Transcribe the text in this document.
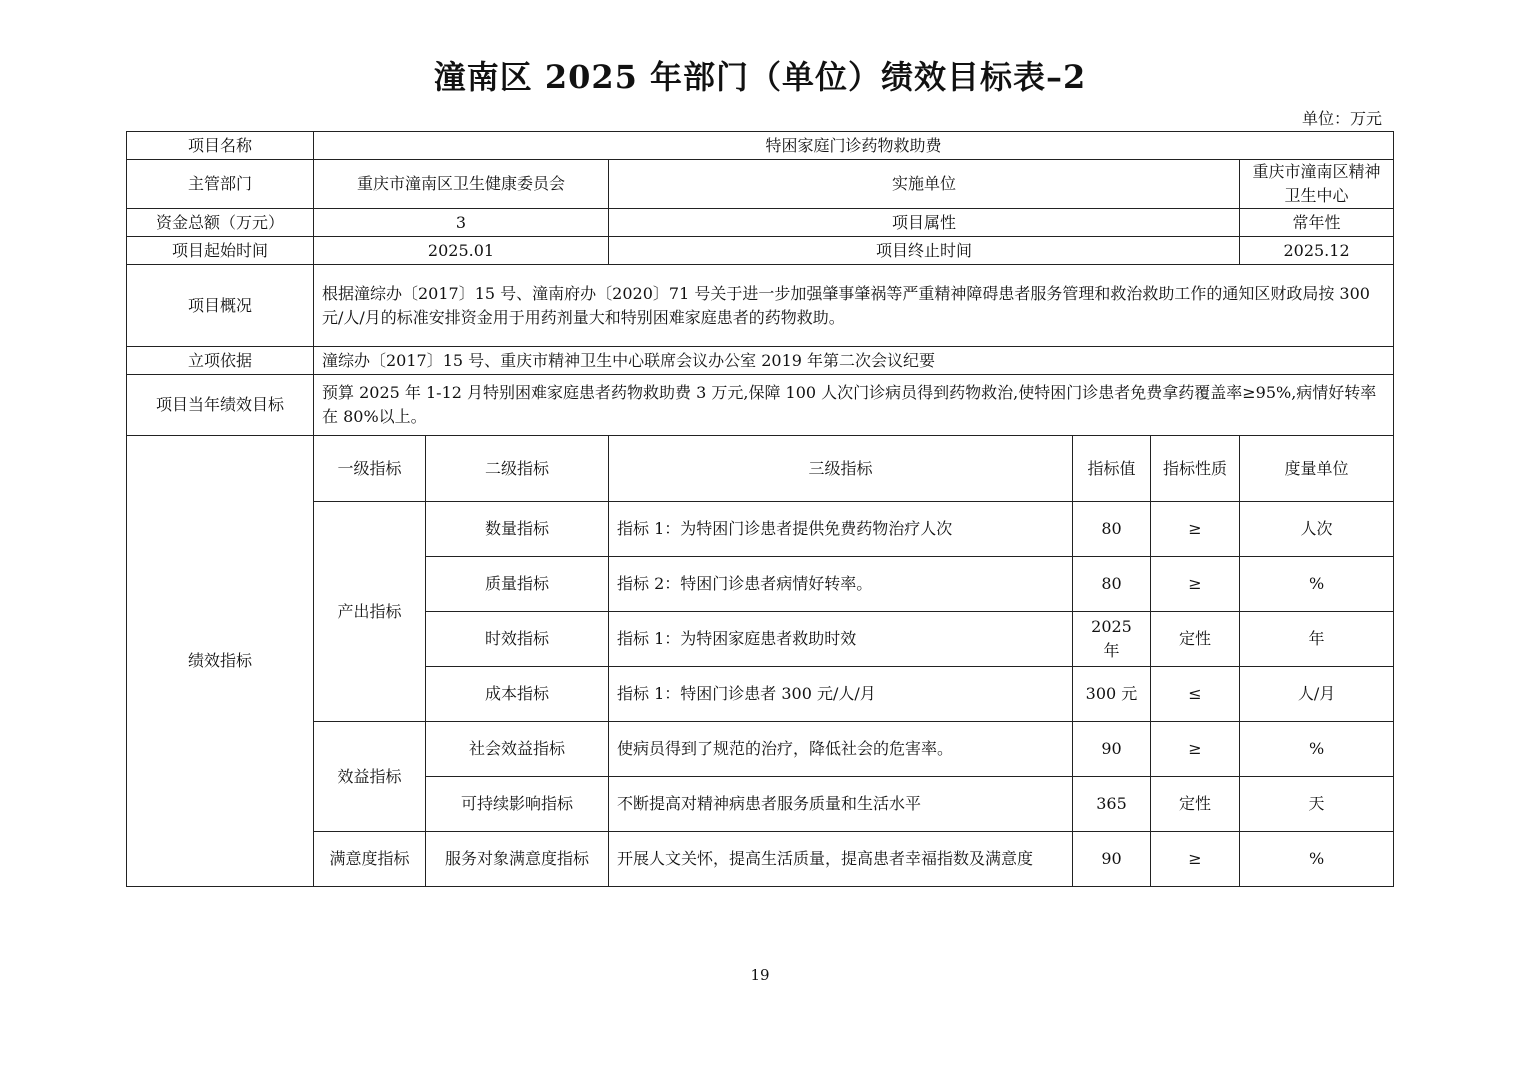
潼南区 2025 年部门（单位）绩效目标表–2
单位：万元
项目名称	特困家庭门诊药物救助费					
主管部门	重庆市潼南区卫生健康委员会		实施单位			重庆市潼南区精神卫生中心
资金总额（万元）	3		项目属性			常年性
项目起始时间	2025.01		项目终止时间			2025.12
项目概况	根据潼综办〔2017〕15 号、潼南府办〔2020〕71 号关于进一步加强肇事肇祸等严重精神障碍患者服务管理和救治救助工作的通知区财政局按 300 元/人/月的标准安排资金用于用药剂量大和特别困难家庭患者的药物救助。					
立项依据	潼综办〔2017〕15 号、重庆市精神卫生中心联席会议办公室 2019 年第二次会议纪要					
项目当年绩效目标	预算 2025 年 1-12 月特别困难家庭患者药物救助费 3 万元,保障 100 人次门诊病员得到药物救治,使特困门诊患者免费拿药覆盖率≥95%,病情好转率在 80%以上。					
绩效指标	一级指标	二级指标	三级指标	指标值	指标性质	度量单位
	产出指标	数量指标	指标 1：为特困门诊患者提供免费药物治疗人次	80	≥	人次
		质量指标	指标 2：特困门诊患者病情好转率。	80	≥	%
		时效指标	指标 1：为特困家庭患者救助时效	2025 年	定性	年
		成本指标	指标 1：特困门诊患者 300 元/人/月	300 元	≤	人/月
	效益指标	社会效益指标	使病员得到了规范的治疗，降低社会的危害率。	90	≥	%
		可持续影响指标	不断提高对精神病患者服务质量和生活水平	365	定性	天
	满意度指标	服务对象满意度指标	开展人文关怀，提高生活质量，提高患者幸福指数及满意度	90	≥	%
19
